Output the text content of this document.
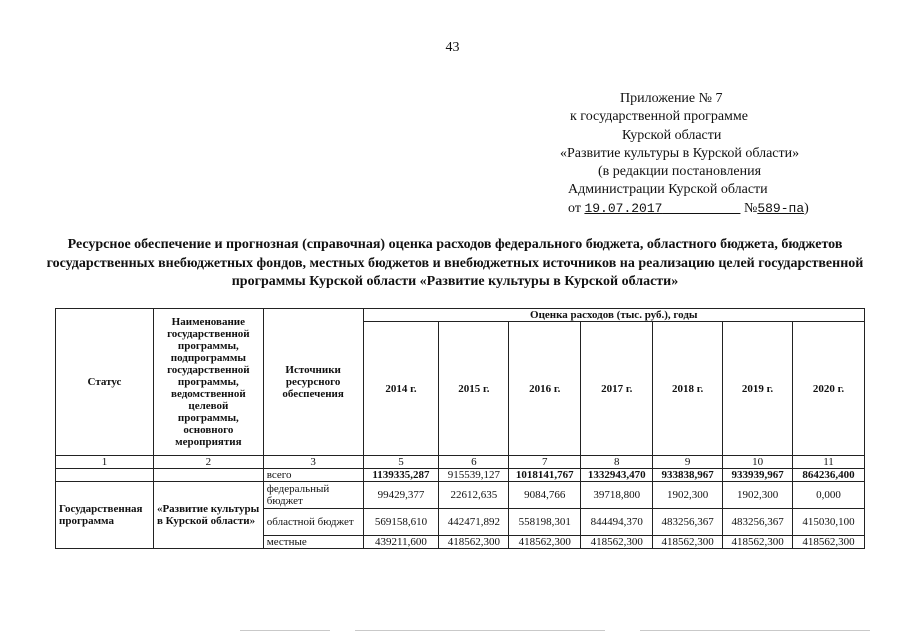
43
Приложение № 7
к государственной программе
Курской области
«Развитие культуры в Курской области»
(в редакции постановления
Администрации Курской области
от 19.07.2017	№589-па)
Ресурсное обеспечение и прогнозная (справочная) оценка расходов федерального бюджета, областного бюджета, бюджетов государственных внебюджетных фондов, местных бюджетов и внебюджетных источников на реализацию целей государственной программы Курской области «Развитие культуры в Курской области»
Статус	Наименование государственной программы, подпрограммы государственной программы, ведомственной целевой программы, основного мероприятия	Источники ресурсного обеспечения	Оценка расходов (тыс. руб.), годы						
			2014 г.	2015 г.	2016 г.	2017 г.	2018 г.	2019 г.	2020 г.
1	2	3	5	6	7	8	9	10	11
		всего	1139335,287	915539,127	1018141,767	1332943,470	933838,967	933939,967	864236,400
Государственная программа	«Развитие культуры в Курской области»	федеральный бюджет	99429,377	22612,635	9084,766	39718,800	1902,300	1902,300	0,000
		областной бюджет	569158,610	442471,892	558198,301	844494,370	483256,367	483256,367	415030,100
		местные	439211,600	418562,300	418562,300	418562,300	418562,300	418562,300	418562,300
